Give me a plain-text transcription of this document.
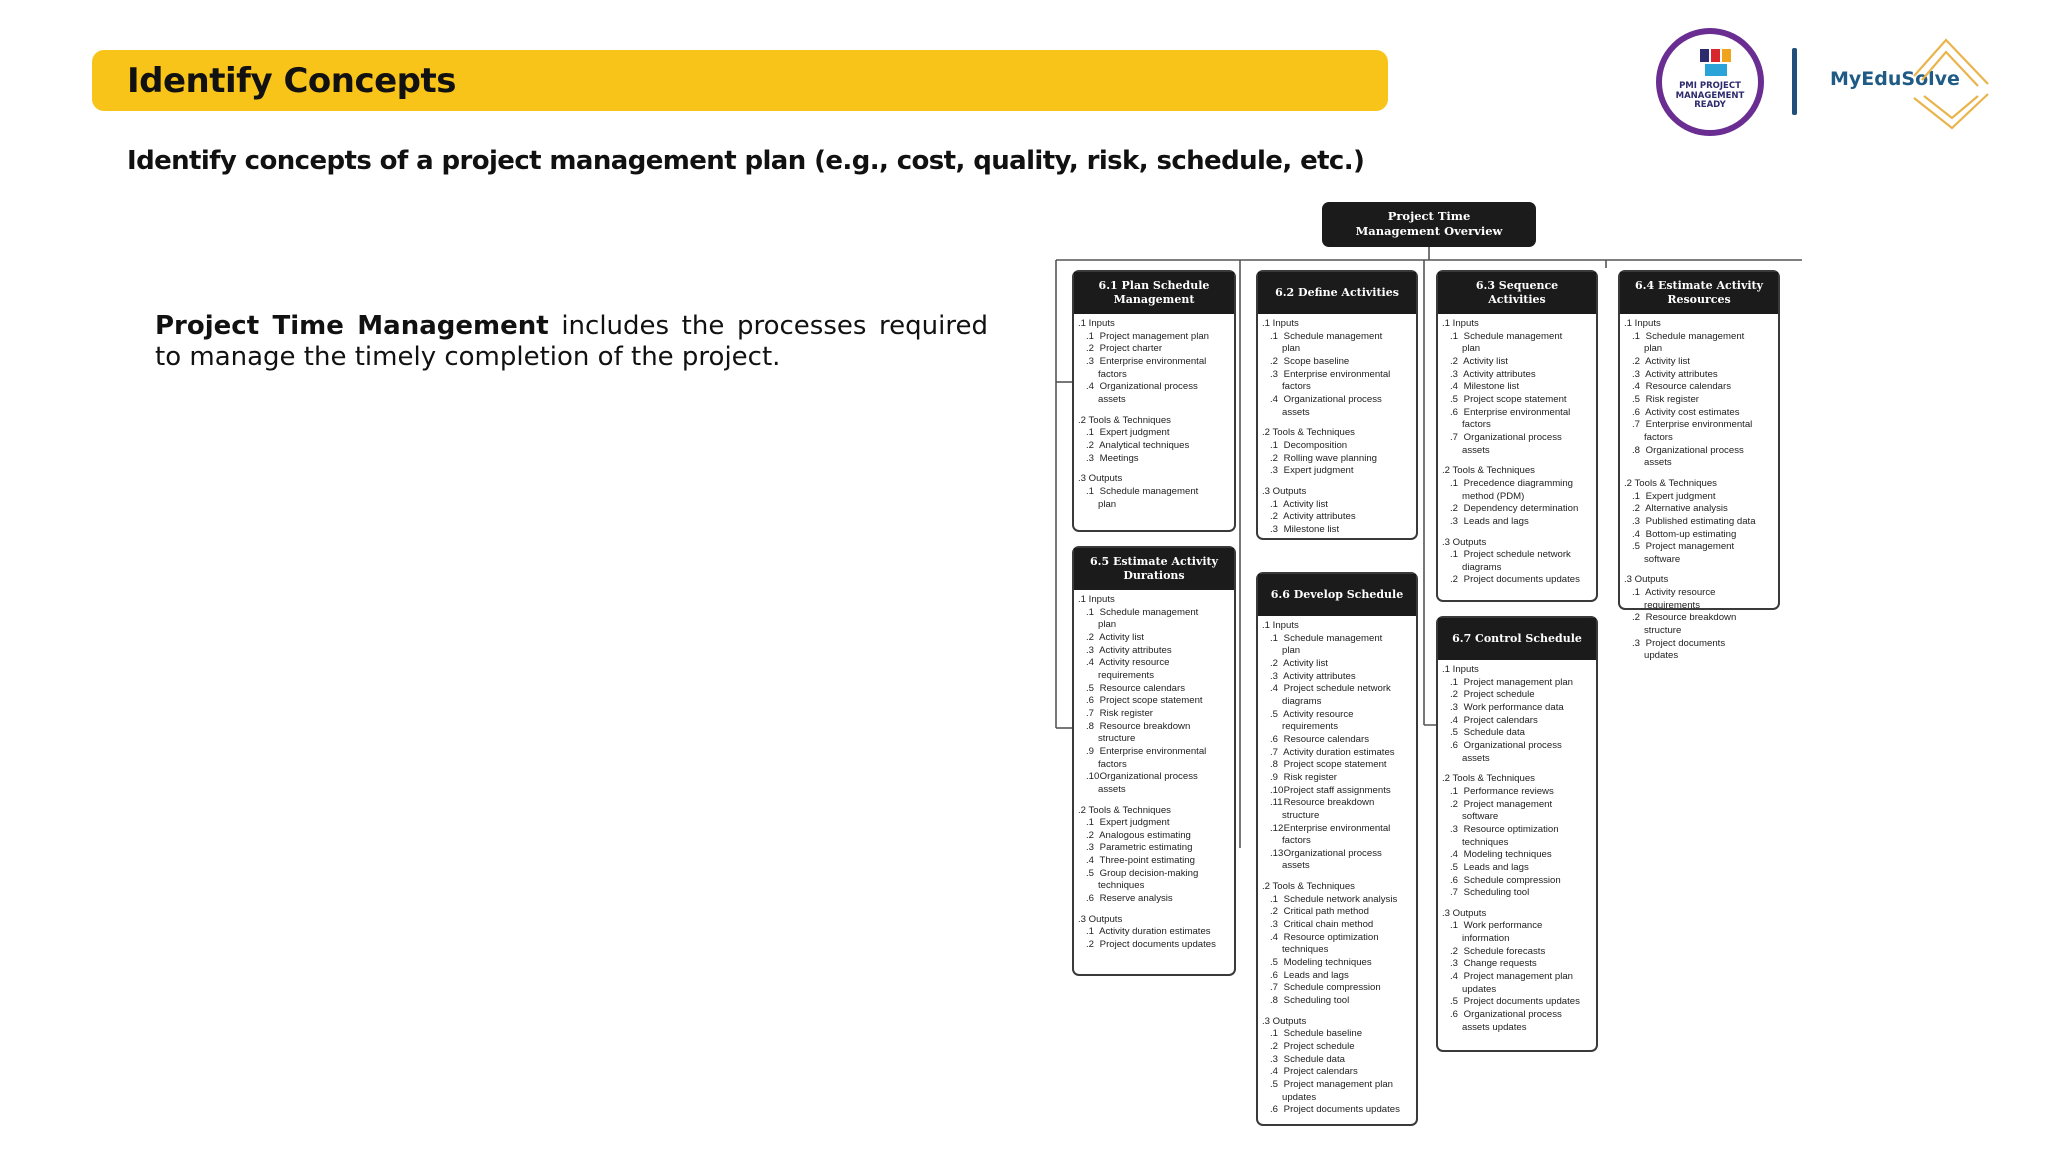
Identify Concepts	PMI PROJECT
MANAGEMENT
READY
MyEduSolve
Identify concepts of a project management plan (e.g., cost, quality, risk, schedule, etc.)
Project Time Management includes the processes required to manage the timely completion of the project.
Project Time
Management Overview
6.1 Plan Schedule
Management
.1 Inputs
.1 Project management plan
.2 Project charter
.3 Enterprise environmental
factors
.4 Organizational process
assets
.2 Tools & Techniques
.1 Expert judgment
.2 Analytical techniques
.3 Meetings
.3 Outputs
.1 Schedule management
plan
6.2 Define Activities
.1 Inputs
.1 Schedule management
plan
.2 Scope baseline
.3 Enterprise environmental
factors
.4 Organizational process
assets
.2 Tools & Techniques
.1 Decomposition
.2 Rolling wave planning
.3 Expert judgment
.3 Outputs
.1 Activity list
.2 Activity attributes
.3 Milestone list
6.3 Sequence
Activities
.1 Inputs
.1 Schedule management
plan
.2 Activity list
.3 Activity attributes
.4 Milestone list
.5 Project scope statement
.6 Enterprise environmental
factors
.7 Organizational process
assets
.2 Tools & Techniques
.1 Precedence diagramming
method (PDM)
.2 Dependency determination
.3 Leads and lags
.3 Outputs
.1 Project schedule network
diagrams
.2 Project documents updates
6.4 Estimate Activity
Resources
.1 Inputs
.1 Schedule management
plan
.2 Activity list
.3 Activity attributes
.4 Resource calendars
.5 Risk register
.6 Activity cost estimates
.7 Enterprise environmental
factors
.8 Organizational process
assets
.2 Tools & Techniques
.1 Expert judgment
.2 Alternative analysis
.3 Published estimating data
.4 Bottom-up estimating
.5 Project management
software
.3 Outputs
.1 Activity resource
requirements
.2 Resource breakdown
structure
.3 Project documents
updates
6.5 Estimate Activity
Durations
.1 Inputs
.1 Schedule management
plan
.2 Activity list
.3 Activity attributes
.4 Activity resource
requirements
.5 Resource calendars
.6 Project scope statement
.7 Risk register
.8 Resource breakdown
structure
.9 Enterprise environmental
factors
.10 Organizational process
assets
.2 Tools & Techniques
.1 Expert judgment
.2 Analogous estimating
.3 Parametric estimating
.4 Three-point estimating
.5 Group decision-making
techniques
.6 Reserve analysis
.3 Outputs
.1 Activity duration estimates
.2 Project documents updates
6.6 Develop Schedule
.1 Inputs
.1 Schedule management
plan
.2 Activity list
.3 Activity attributes
.4 Project schedule network
diagrams
.5 Activity resource
requirements
.6 Resource calendars
.7 Activity duration estimates
.8 Project scope statement
.9 Risk register
.10 Project staff assignments
.11 Resource breakdown
structure
.12 Enterprise environmental
factors
.13 Organizational process
assets
.2 Tools & Techniques
.1 Schedule network analysis
.2 Critical path method
.3 Critical chain method
.4 Resource optimization
techniques
.5 Modeling techniques
.6 Leads and lags
.7 Schedule compression
.8 Scheduling tool
.3 Outputs
.1 Schedule baseline
.2 Project schedule
.3 Schedule data
.4 Project calendars
.5 Project management plan
updates
.6 Project documents updates
6.7 Control Schedule
.1 Inputs
.1 Project management plan
.2 Project schedule
.3 Work performance data
.4 Project calendars
.5 Schedule data
.6 Organizational process
assets
.2 Tools & Techniques
.1 Performance reviews
.2 Project management
software
.3 Resource optimization
techniques
.4 Modeling techniques
.5 Leads and lags
.6 Schedule compression
.7 Scheduling tool
.3 Outputs
.1 Work performance
information
.2 Schedule forecasts
.3 Change requests
.4 Project management plan
updates
.5 Project documents updates
.6 Organizational process
assets updates
